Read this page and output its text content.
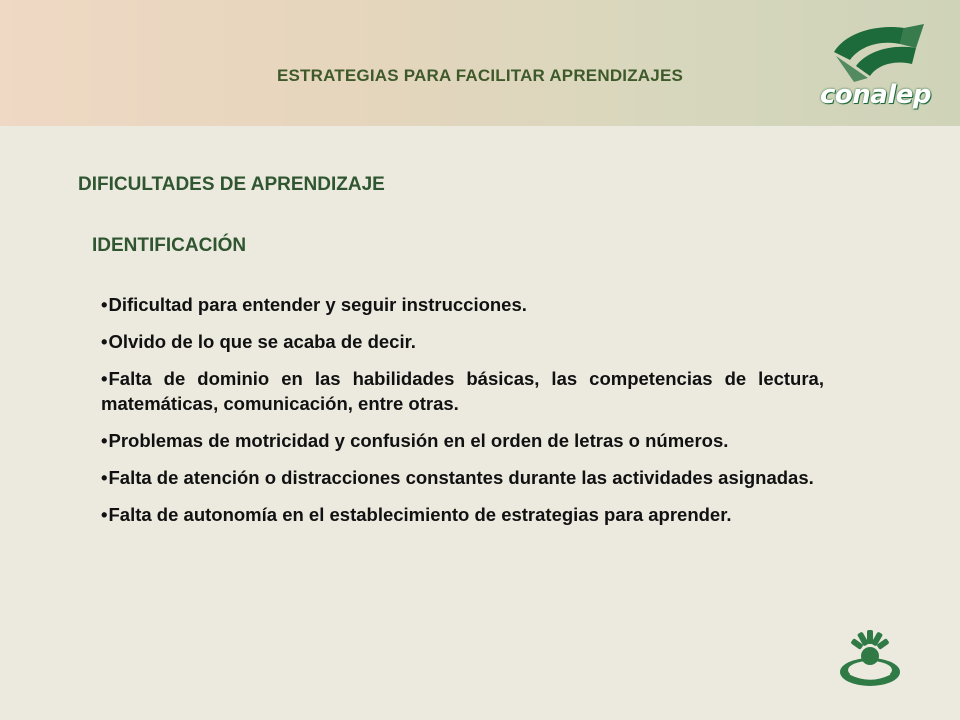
ESTRATEGIAS PARA FACILITAR APRENDIZAJES
conalep
DIFICULTADES DE APRENDIZAJE
IDENTIFICACIÓN
•Dificultad para entender y seguir instrucciones.
•Olvido de lo que se acaba de decir.
•Falta de dominio en las habilidades básicas, las competencias de lectura, matemáticas, comunicación, entre otras.
•Problemas de motricidad y confusión en el orden de letras o números.
•Falta de atención o distracciones constantes durante las actividades asignadas.
•Falta de autonomía en el establecimiento de estrategias para aprender.
